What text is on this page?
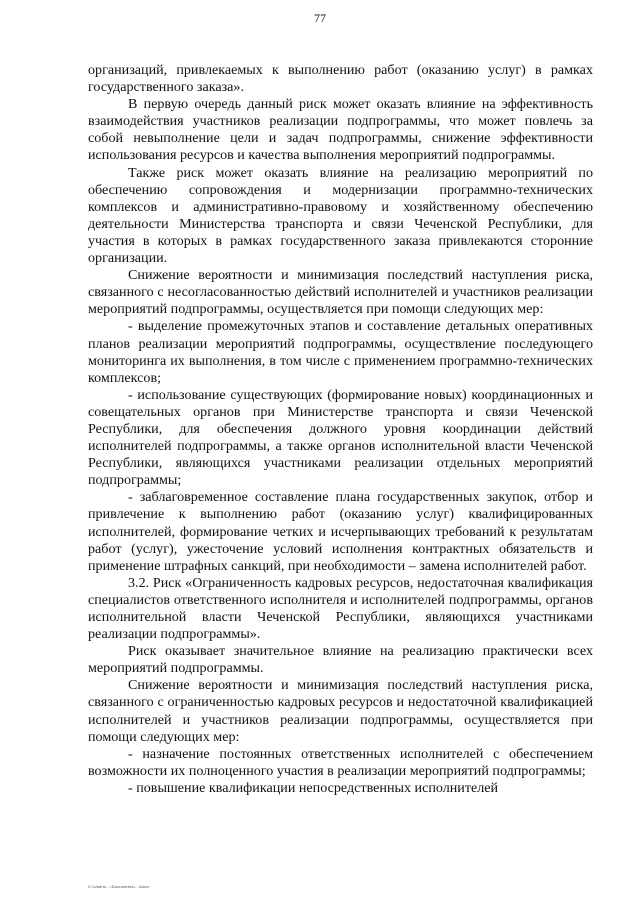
77

организаций, привлекаемых к выполнению работ (оказанию услуг) в рамках государственного заказа».

В первую очередь данный риск может оказать влияние на эффективность взаимодействия участников реализации подпрограммы, что может повлечь за собой невыполнение цели и задач подпрограммы, снижение эффективности использования ресурсов и качества выполнения мероприятий подпрограммы.

Также риск может оказать влияние на реализацию мероприятий по обеспечению сопровождения и модернизации программно-технических комплексов и административно-правовому и хозяйственному обеспечению деятельности Министерства транспорта и связи Чеченской Республики, для участия в которых в рамках государственного заказа привлекаются сторонние организации.

Снижение вероятности и минимизация последствий наступления риска, связанного с несогласованностью действий исполнителей и участников реализации мероприятий подпрограммы, осуществляется при помощи следующих мер:

- выделение промежуточных этапов и составление детальных оперативных планов реализации мероприятий подпрограммы, осуществление последующего мониторинга их выполнения, в том числе с применением программно-технических комплексов;

- использование существующих (формирование новых) координационных и совещательных органов при Министерстве транспорта и связи Чеченской Республики, для обеспечения должного уровня координации действий исполнителей подпрограммы, а также органов исполнительной власти Чеченской Республики, являющихся участниками реализации отдельных мероприятий подпрограммы;

- заблаговременное составление плана государственных закупок, отбор и привлечение к выполнению работ (оказанию услуг) квалифицированных исполнителей, формирование четких и исчерпывающих требований к результатам работ (услуг), ужесточение условий исполнения контрактных обязательств и применение штрафных санкций, при необходимости – замена исполнителей работ.

3.2. Риск «Ограниченность кадровых ресурсов, недостаточная квалификация специалистов ответственного исполнителя и исполнителей подпрограммы, органов исполнительной власти Чеченской Республики, являющихся участниками реализации подпрограммы».

Риск оказывает значительное влияние на реализацию практически всех мероприятий подпрограммы.

Снижение вероятности и минимизация последствий наступления риска, связанного с ограниченностью кадровых ресурсов и недостаточной квалификацией исполнителей и участников реализации подпрограммы, осуществляется при помощи следующих мер:

- назначение постоянных ответственных исполнителей с обеспечением возможности их полноценного участия в реализации мероприятий подпрограммы;

- повышение квалификации непосредственных исполнителей

C:\Users\...\Documents\...\docx
